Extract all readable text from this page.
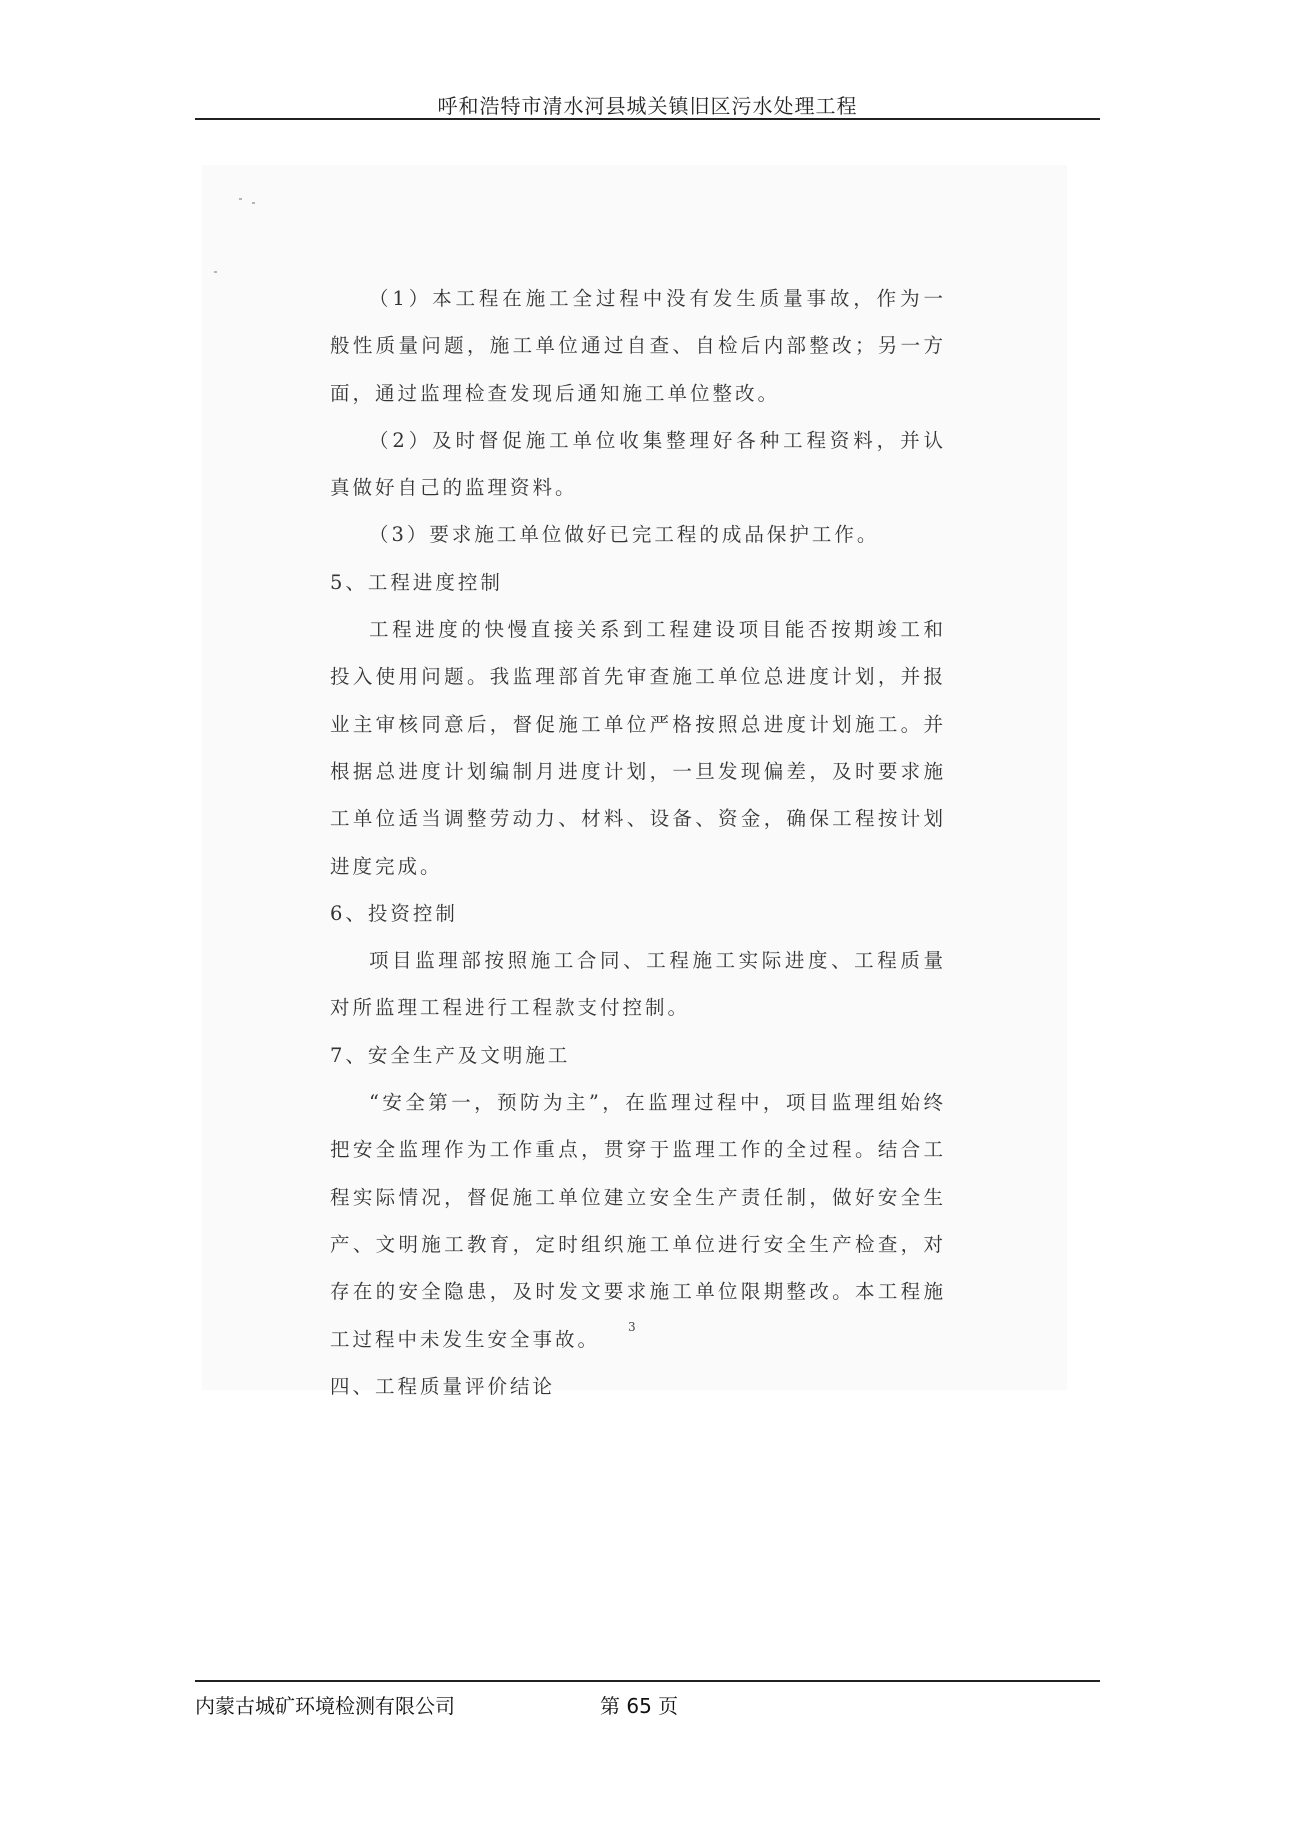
呼和浩特市清水河县城关镇旧区污水处理工程

（1）本工程在施工全过程中没有发生质量事故，作为一般性质量问题，施工单位通过自查、自检后内部整改；另一方面，通过监理检查发现后通知施工单位整改。

（2）及时督促施工单位收集整理好各种工程资料，并认真做好自己的监理资料。

（3）要求施工单位做好已完工程的成品保护工作。

5、工程进度控制

工程进度的快慢直接关系到工程建设项目能否按期竣工和投入使用问题。我监理部首先审查施工单位总进度计划，并报业主审核同意后，督促施工单位严格按照总进度计划施工。并根据总进度计划编制月进度计划，一旦发现偏差，及时要求施工单位适当调整劳动力、材料、设备、资金，确保工程按计划进度完成。

6、投资控制

项目监理部按照施工合同、工程施工实际进度、工程质量对所监理工程进行工程款支付控制。

7、安全生产及文明施工

“安全第一，预防为主”，在监理过程中，项目监理组始终把安全监理作为工作重点，贯穿于监理工作的全过程。结合工程实际情况，督促施工单位建立安全生产责任制，做好安全生产、文明施工教育，定时组织施工单位进行安全生产检查，对存在的安全隐患，及时发文要求施工单位限期整改。本工程施工过程中未发生安全事故。

四、工程质量评价结论

3
内蒙古城矿环境检测有限公司	第 65 页
